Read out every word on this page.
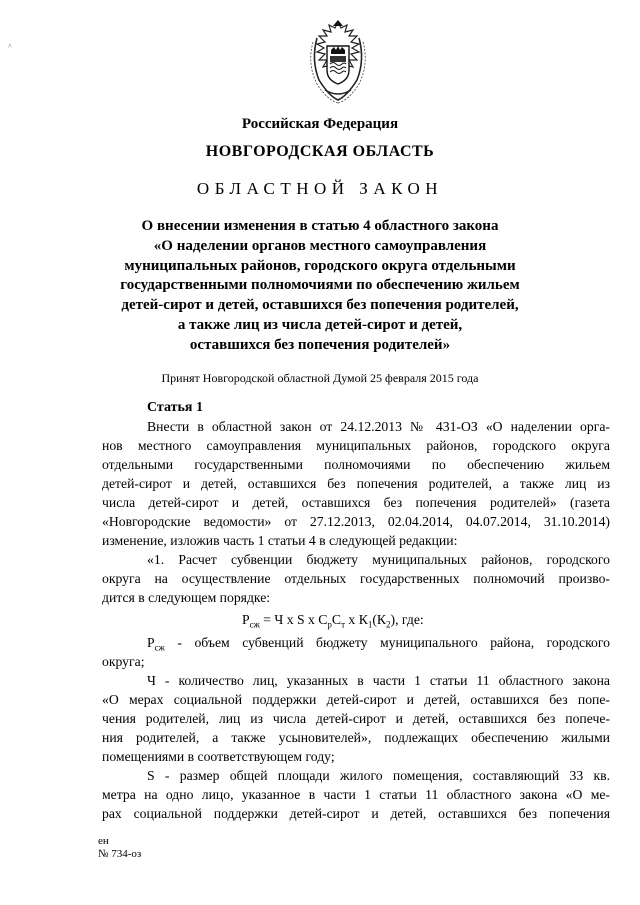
^
Российская Федерация
НОВГОРОДСКАЯ ОБЛАСТЬ
ОБЛАСТНОЙ ЗАКОН
О внесении изменения в статью 4 областного закона
«О наделении органов местного самоуправления
муниципальных районов, городского округа отдельными
государственными полномочиями по обеспечению жильем
детей-сирот и детей, оставшихся без попечения родителей,
а также лиц из числа детей-сирот и детей,
оставшихся без попечения родителей»
Принят Новгородской областной Думой 25 февраля 2015 года
Статья 1
Внести в областной закон от 24.12.2013 № 431-ОЗ «О наделении орга-
нов местного самоуправления муниципальных районов, городского округа
отдельными государственными полномочиями по обеспечению жильем
детей-сирот и детей, оставшихся без попечения родителей, а также лиц из
числа детей-сирот и детей, оставшихся без попечения родителей» (газета
«Новгородские ведомости» от 27.12.2013, 02.04.2014, 04.07.2014, 31.10.2014)
изменение, изложив часть 1 статьи 4 в следующей редакции:
«1. Расчет субвенции бюджету муниципальных районов, городского
округа на осуществление отдельных государственных полномочий произво-
дится в следующем порядке:
$Р_{сж} = Ч$ x S x $С_рС_т$ x $К_1(К_2)$, где:
$Р_{сж}$ - объем субвенций бюджету муниципального района, городского
округа;
Ч - количество лиц, указанных в части 1 статьи 11 областного закона
«О мерах социальной поддержки детей-сирот и детей, оставшихся без попе-
чения родителей, лиц из числа детей-сирот и детей, оставшихся без попече-
ния родителей, а также усыновителей», подлежащих обеспечению жилыми
помещениями в соответствующем году;
S - размер общей площади жилого помещения, составляющий 33 кв.
метра на одно лицо, указанное в части 1 статьи 11 областного закона «О ме-
рах социальной поддержки детей-сирот и детей, оставшихся без попечения
ен
№ 734-оз
